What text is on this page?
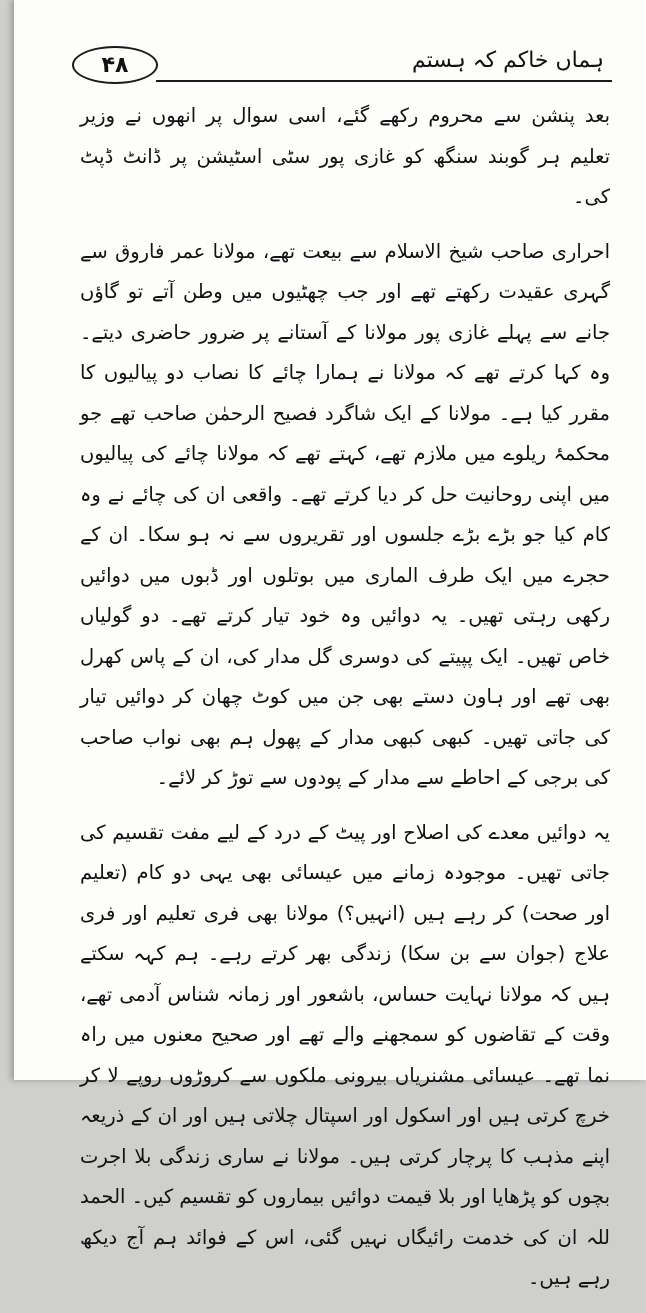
۴۸	ہماں خاکم کہ ہستم

بعد پنشن سے محروم رکھے گئے، اسی سوال پر انھوں نے وزیر تعلیم ہر گوبند سنگھ کو غازی پور سٹی اسٹیشن پر ڈانٹ ڈپٹ کی۔

احراری صاحب شیخ الاسلام سے بیعت تھے، مولانا عمر فاروق سے گہری عقیدت رکھتے تھے اور جب چھٹیوں میں وطن آتے تو گاؤں جانے سے پہلے غازی پور مولانا کے آستانے پر ضرور حاضری دیتے۔ وہ کہا کرتے تھے کہ مولانا نے ہمارا چائے کا نصاب دو پیالیوں کا مقرر کیا ہے۔ مولانا کے ایک شاگرد فصیح الرحمٰن صاحب تھے جو محکمۂ ریلوے میں ملازم تھے، کہتے تھے کہ مولانا چائے کی پیالیوں میں اپنی روحانیت حل کر دیا کرتے تھے۔ واقعی ان کی چائے نے وہ کام کیا جو بڑے بڑے جلسوں اور تقریروں سے نہ ہو سکا۔ ان کے حجرے میں ایک طرف الماری میں بوتلوں اور ڈبوں میں دوائیں رکھی رہتی تھیں۔ یہ دوائیں وہ خود تیار کرتے تھے۔ دو گولیاں خاص تھیں۔ ایک پپیتے کی دوسری گل مدار کی، ان کے پاس کھرل بھی تھے اور ہاون دستے بھی جن میں کوٹ چھان کر دوائیں تیار کی جاتی تھیں۔ کبھی کبھی مدار کے پھول ہم بھی نواب صاحب کی برجی کے احاطے سے مدار کے پودوں سے توڑ کر لائے۔

یہ دوائیں معدے کی اصلاح اور پیٹ کے درد کے لیے مفت تقسیم کی جاتی تھیں۔ موجودہ زمانے میں عیسائی بھی یہی دو کام (تعلیم اور صحت) کر رہے ہیں (انہیں؟) مولانا بھی فری تعلیم اور فری علاج (جوان سے بن سکا) زندگی بھر کرتے رہے۔ ہم کہہ سکتے ہیں کہ مولانا نہایت حساس، باشعور اور زمانہ شناس آدمی تھے، وقت کے تقاضوں کو سمجھنے والے تھے اور صحیح معنوں میں راہ نما تھے۔ عیسائی مشنریاں بیرونی ملکوں سے کروڑوں روپے لا کر خرچ کرتی ہیں اور اسکول اور اسپتال چلاتی ہیں اور ان کے ذریعہ اپنے مذہب کا پرچار کرتی ہیں۔ مولانا نے ساری زندگی بلا اجرت بچوں کو پڑھایا اور بلا قیمت دوائیں بیماروں کو تقسیم کیں۔ الحمد للہ ان کی خدمت رائیگاں نہیں گئی، اس کے فوائد ہم آج دیکھ رہے ہیں۔
